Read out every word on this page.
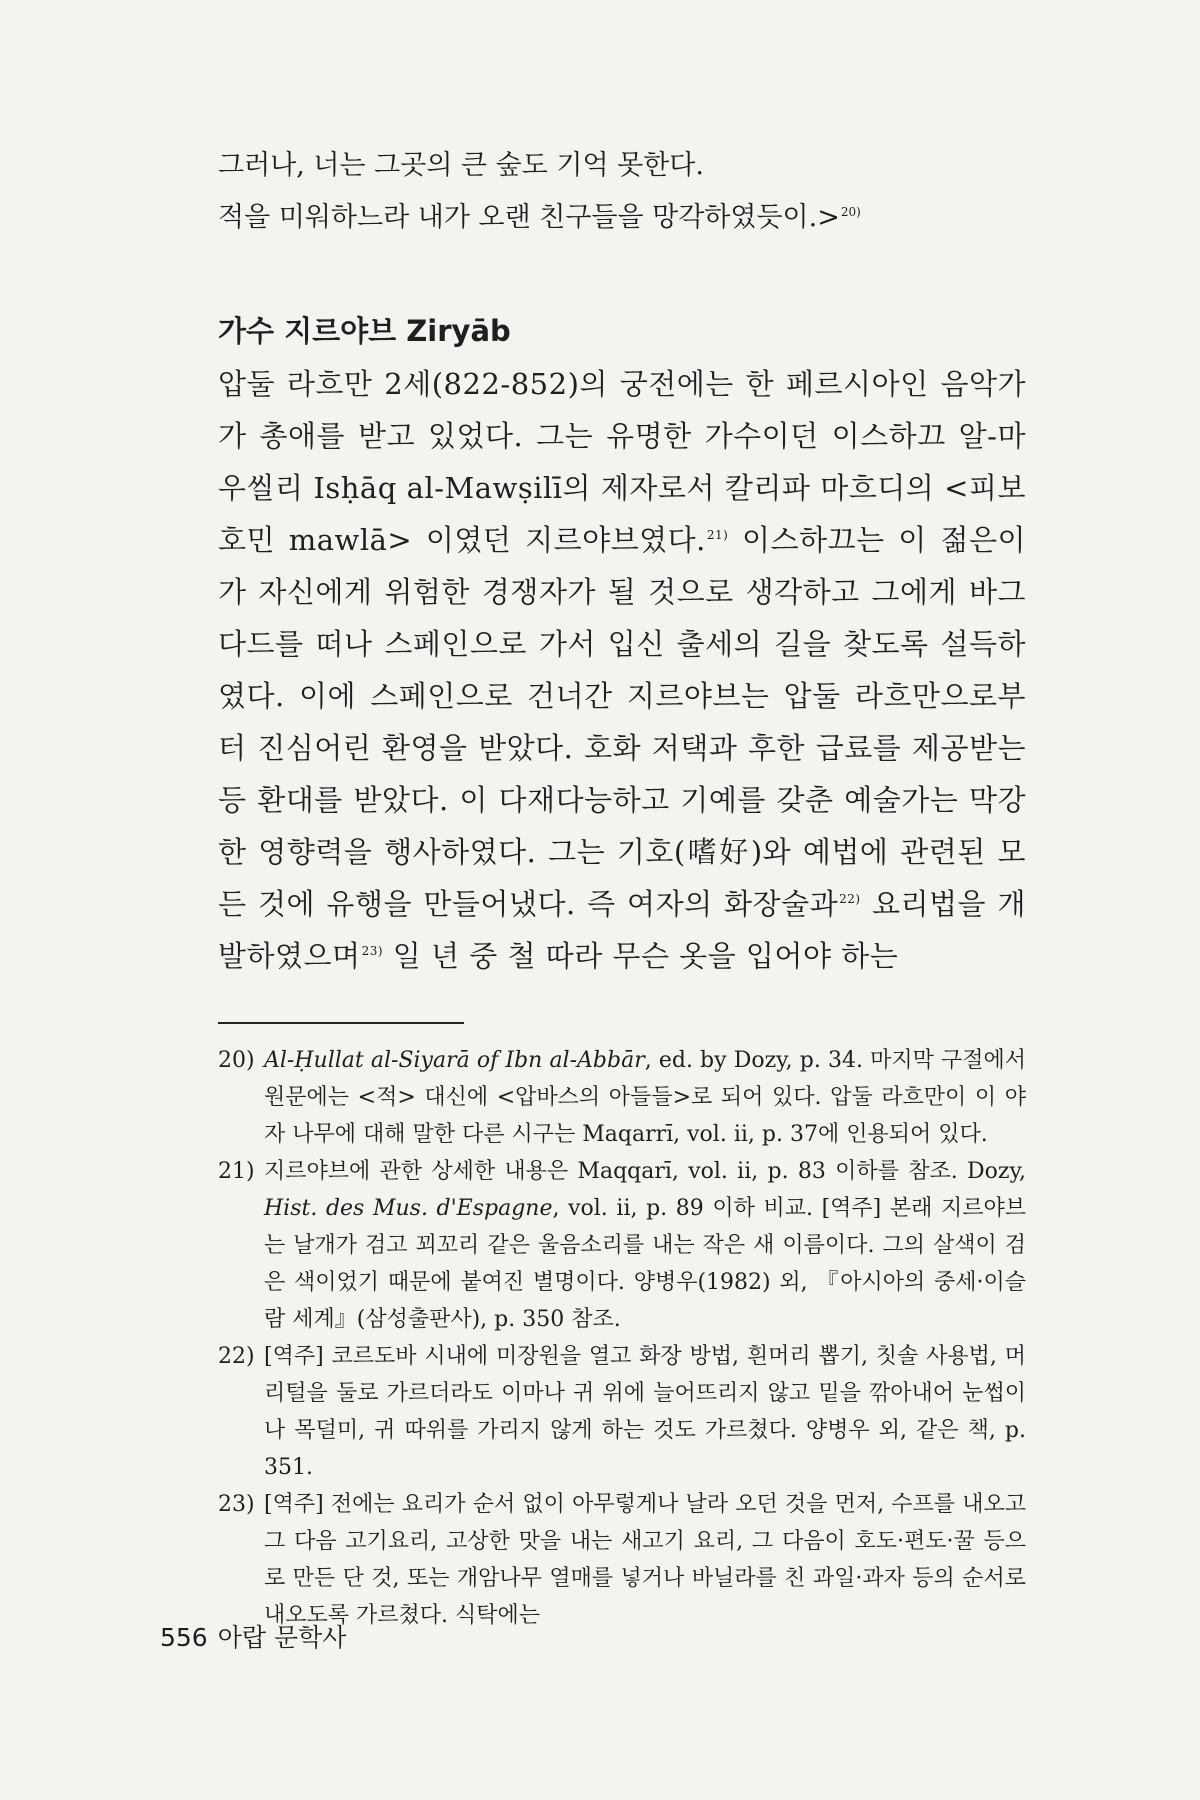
그러나, 너는 그곳의 큰 숲도 기억 못한다.

적을 미워하느라 내가 오랜 친구들을 망각하였듯이.>$^{20)}$

가수 지르야브 Ziryāb

압둘 라흐만 2세(822-852)의 궁전에는 한 페르시아인 음악가가 총애를 받고 있었다. 그는 유명한 가수이던 이스하끄 알-마우씰리 Isḥāq al-Mawṣilī의 제자로서 칼리파 마흐디의 <피보호민 mawlā> 이였던 지르야브였다.$^{21)}$ 이스하끄는 이 젊은이가 자신에게 위험한 경쟁자가 될 것으로 생각하고 그에게 바그다드를 떠나 스페인으로 가서 입신 출세의 길을 찾도록 설득하였다. 이에 스페인으로 건너간 지르야브는 압둘 라흐만으로부터 진심어린 환영을 받았다. 호화 저택과 후한 급료를 제공받는 등 환대를 받았다. 이 다재다능하고 기예를 갖춘 예술가는 막강한 영향력을 행사하였다. 그는 기호(嗜好)와 예법에 관련된 모든 것에 유행을 만들어냈다. 즉 여자의 화장술과$^{22)}$ 요리법을 개발하였으며$^{23)}$ 일 년 중 철 따라 무슨 옷을 입어야 하는

20) Al-Ḥullat al-Siyarā of Ibn al-Abbār, ed. by Dozy, p. 34. 마지막 구절에서 원문에는 <적> 대신에 <압바스의 아들들>로 되어 있다. 압둘 라흐만이 이 야자 나무에 대해 말한 다른 시구는 Maqarrī, vol. ii, p. 37에 인용되어 있다.
21) 지르야브에 관한 상세한 내용은 Maqqarī, vol. ii, p. 83 이하를 참조. Dozy, Hist. des Mus. d'Espagne, vol. ii, p. 89 이하 비교. [역주] 본래 지르야브는 날개가 검고 꾀꼬리 같은 울음소리를 내는 작은 새 이름이다. 그의 살색이 검은 색이었기 때문에 붙여진 별명이다. 양병우(1982) 외, 『아시아의 중세·이슬람 세계』(삼성출판사), p. 350 참조.
22) [역주] 코르도바 시내에 미장원을 열고 화장 방법, 흰머리 뽑기, 칫솔 사용법, 머리털을 둘로 가르더라도 이마나 귀 위에 늘어뜨리지 않고 밑을 깎아내어 눈썹이나 목덜미, 귀 따위를 가리지 않게 하는 것도 가르쳤다. 양병우 외, 같은 책, p. 351.
23) [역주] 전에는 요리가 순서 없이 아무렇게나 날라 오던 것을 먼저, 수프를 내오고 그 다음 고기요리, 고상한 맛을 내는 새고기 요리, 그 다음이 호도·편도·꿀 등으로 만든 단 것, 또는 개암나무 열매를 넣거나 바닐라를 친 과일·과자 등의 순서로 내오도록 가르쳤다. 식탁에는
556 아랍 문학사
